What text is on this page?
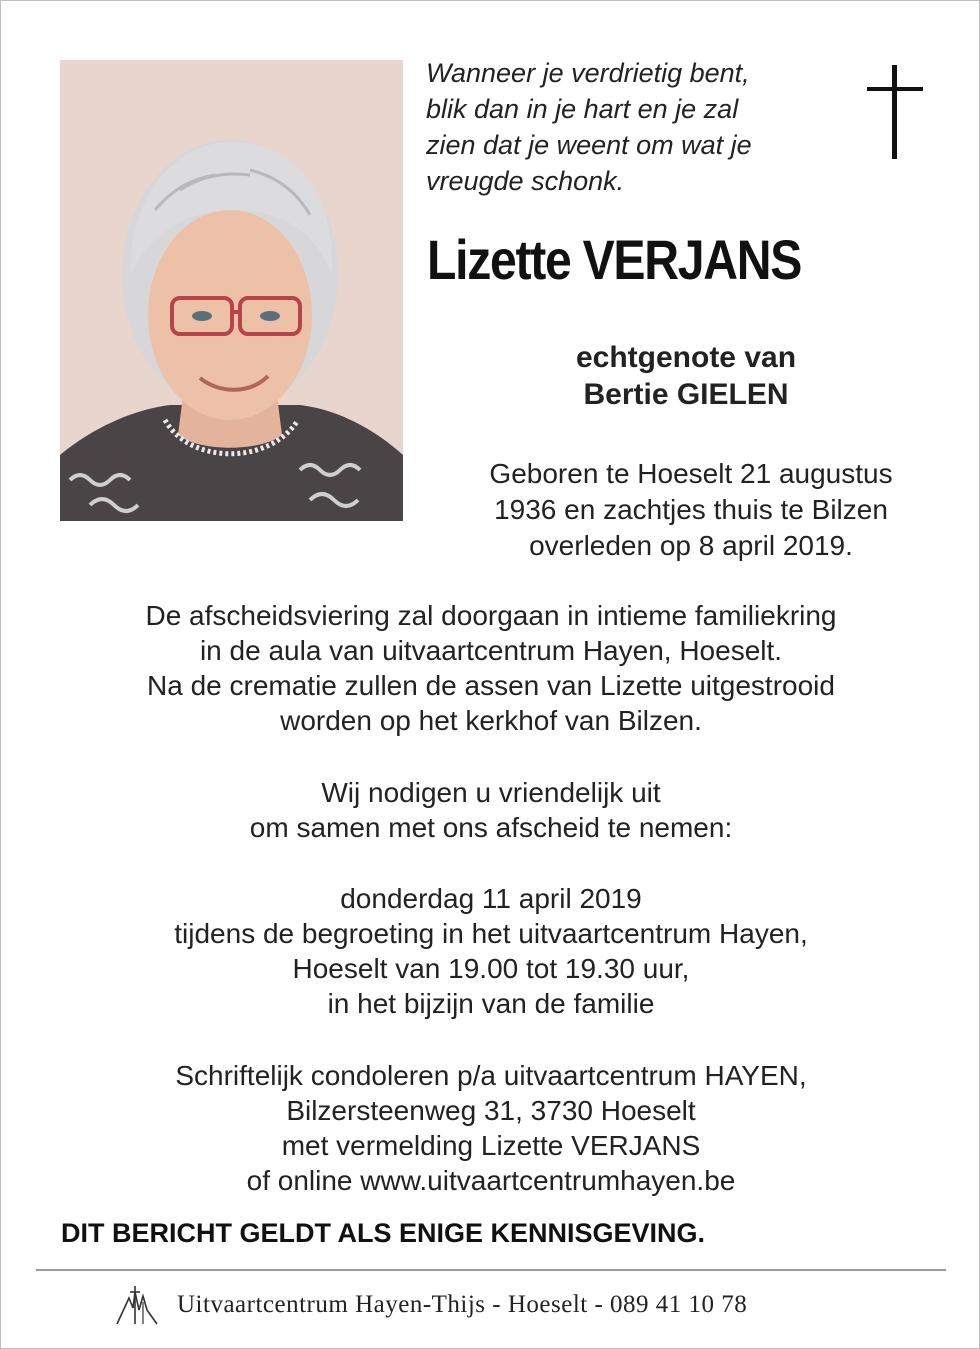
Wanneer je verdrietig bent,
blik dan in je hart en je zal
zien dat je weent om wat je
vreugde schonk.
Lizette VERJANS
echtgenote van
Bertie GIELEN
Geboren te Hoeselt 21 augustus
1936 en zachtjes thuis te Bilzen
overleden op 8 april 2019.
De afscheidsviering zal doorgaan in intieme familiekring
in de aula van uitvaartcentrum Hayen, Hoeselt.
Na de crematie zullen de assen van Lizette uitgestrooid
worden op het kerkhof van Bilzen.
Wij nodigen u vriendelijk uit
om samen met ons afscheid te nemen:
donderdag 11 april 2019
tijdens de begroeting in het uitvaartcentrum Hayen,
Hoeselt van 19.00 tot 19.30 uur,
in het bijzijn van de familie
Schriftelijk condoleren p/a uitvaartcentrum HAYEN,
Bilzersteenweg 31, 3730 Hoeselt
met vermelding Lizette VERJANS
of online www.uitvaartcentrumhayen.be
DIT BERICHT GELDT ALS ENIGE KENNISGEVING.
Uitvaartcentrum Hayen-Thijs - Hoeselt - 089 41 10 78
